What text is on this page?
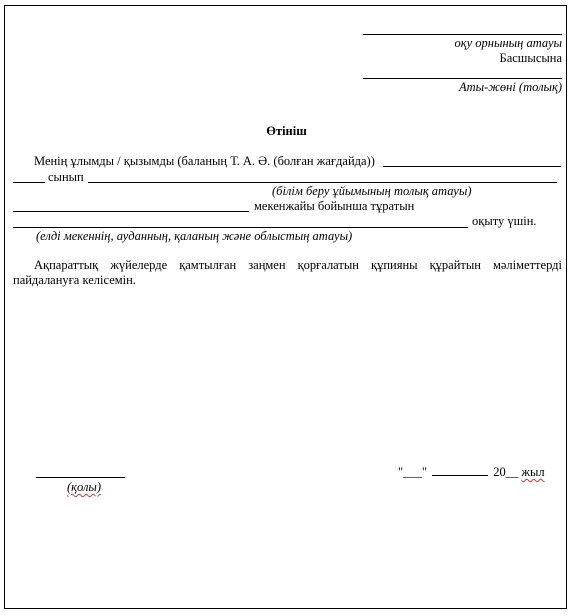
оқу орнының атауы
Басшысына
Аты-жөні (толық)
Өтініш
Менің ұлымды / қызымды (баланың Т. А. Ә. (болған жағдайда))
сынып
(білім беру ұйымының толық атауы)
мекенжайы бойынша тұратын
оқыту үшін.
(елді мекеннің, ауданның, қаланың және облыстың атауы)
Ақпараттық жүйелерде қамтылған заңмен қорғалатын құпияны құрайтын мәліметтерді
пайдалануға келісемін.
(қолы)
"___"	20__ жыл
